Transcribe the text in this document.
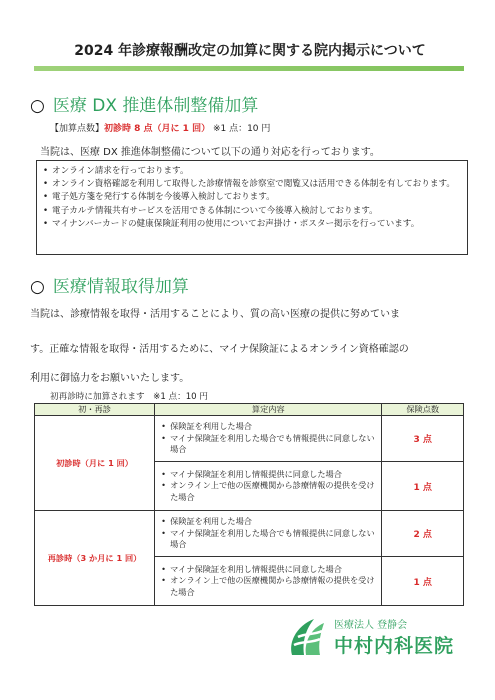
2024 年診療報酬改定の加算に関する院内掲示について
○ 医療 DX 推進体制整備加算
【加算点数】初診時 8 点（月に 1 回） ※1 点：10 円
当院は、医療 DX 推進体制整備について以下の通り対応を行っております。
• オンライン請求を行っております。
• オンライン資格確認を利用して取得した診療情報を診察室で閲覧又は活用できる体制を有しております。
• 電子処方箋を発行する体制を今後導入検討しております。
• 電子カルテ情報共有サービスを活用できる体制について今後導入検討しております。
• マイナンバーカードの健康保険証利用の使用についてお声掛け・ポスター掲示を行っています。
○ 医療情報取得加算
当院は、診療情報を取得・活用することにより、質の高い医療の提供に努めていま
す。正確な情報を取得・活用するために、マイナ保険証によるオンライン資格確認の
利用に御協力をお願いいたします。
初再診時に加算されます　※1 点：10 円
初・再診	算定内容	保険点数
初診時（月に 1 回）	• 保険証を利用した場合
• マイナ保険証を利用した場合でも情報提供に同意しない場合	3 点

	• マイナ保険証を利用し情報提供に同意した場合
• オンライン上で他の医療機関から診療情報の提供を受けた場合	1 点
再診時（3 か月に 1 回）	• 保険証を利用した場合
• マイナ保険証を利用した場合でも情報提供に同意しない場合	2 点

	• マイナ保険証を利用し情報提供に同意した場合
• オンライン上で他の医療機関から診療情報の提供を受けた場合	1 点
医療法人 登静会
中村内科医院
